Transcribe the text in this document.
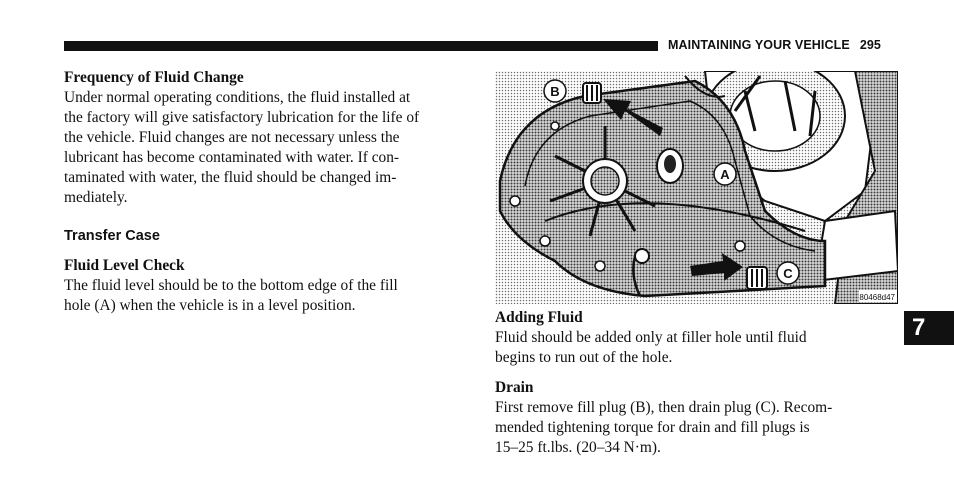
MAINTAINING YOUR VEHICLE 295
Frequency of Fluid Change
Under normal operating conditions, the fluid installed at
the factory will give satisfactory lubrication for the life of
the vehicle. Fluid changes are not necessary unless the
lubricant has become contaminated with water. If con-
taminated with water, the fluid should be changed im-
mediately.
Transfer Case
Fluid Level Check
The fluid level should be to the bottom edge of the fill
hole (A) when the vehicle is in a level position.
B
A
C
80468d47
Adding Fluid
Fluid should be added only at filler hole until fluid
begins to run out of the hole.
Drain
First remove fill plug (B), then drain plug (C). Recom-
mended tightening torque for drain and fill plugs is
15–25 ft.lbs. (20–34 N·m).
7
